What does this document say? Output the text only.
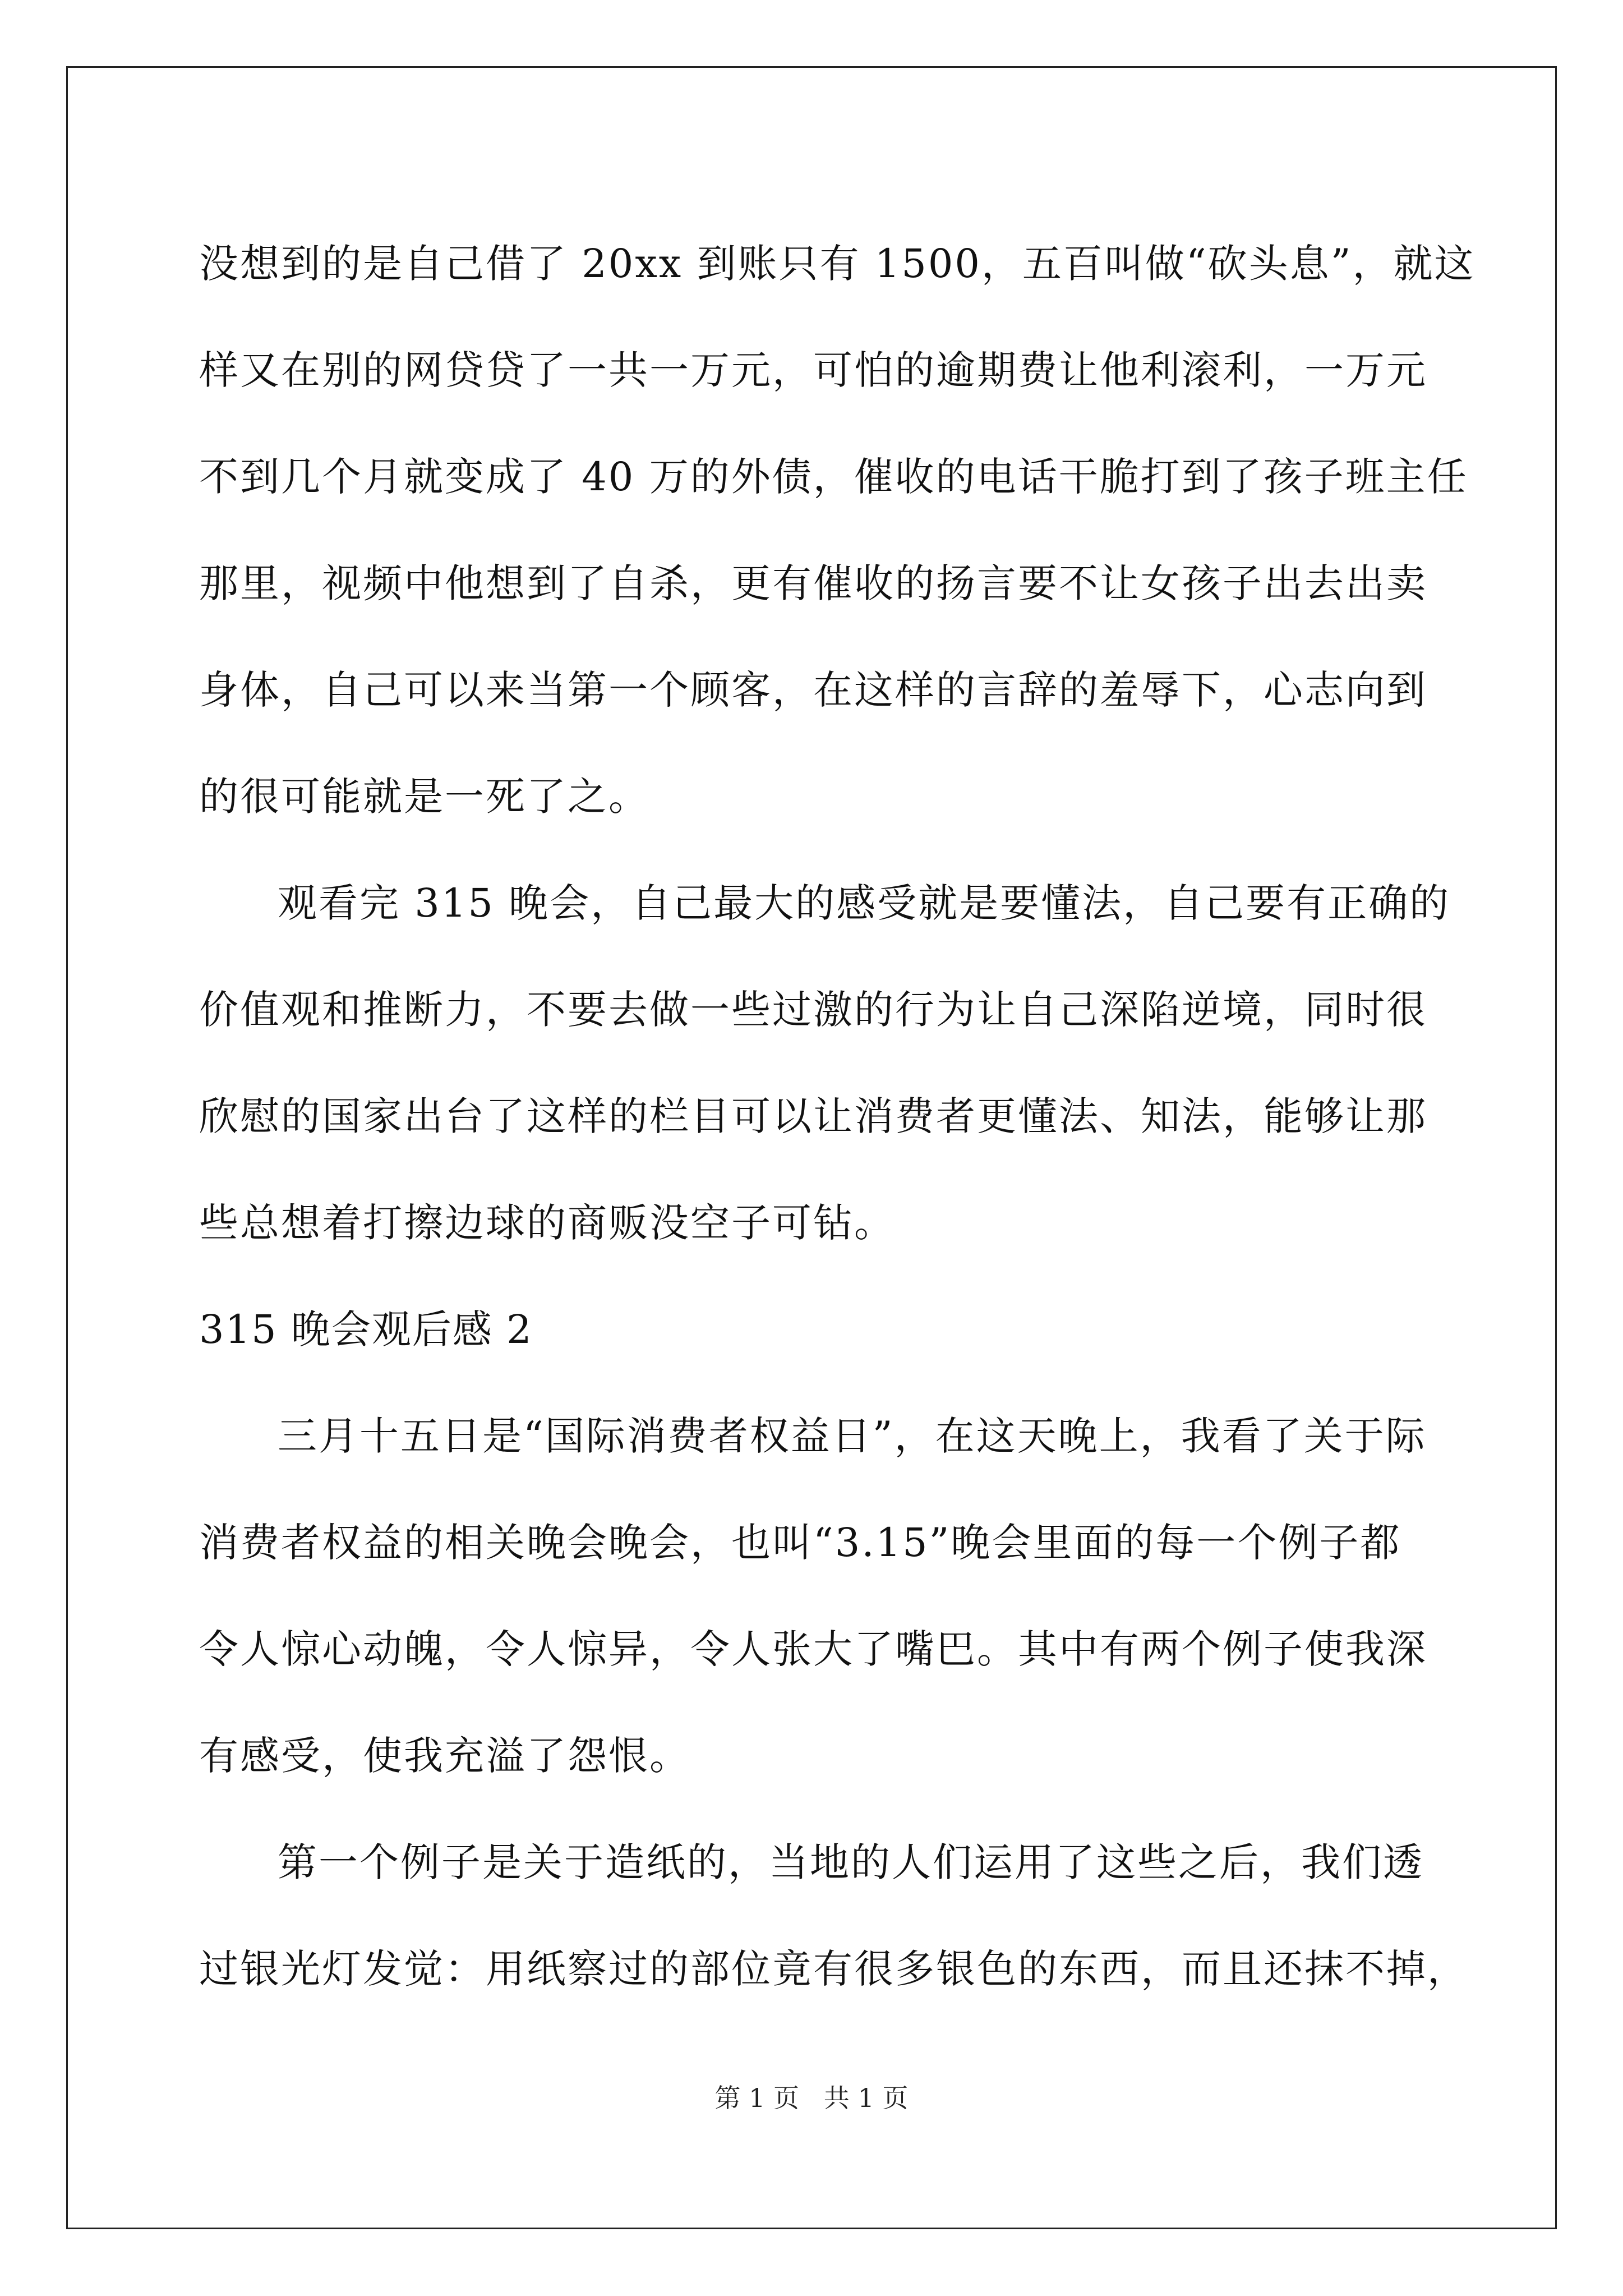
没想到的是自己借了 20xx 到账只有 1500，五百叫做“砍头息”，就这
样又在别的网贷贷了一共一万元，可怕的逾期费让他利滚利，一万元
不到几个月就变成了 40 万的外债，催收的电话干脆打到了孩子班主任
那里，视频中他想到了自杀，更有催收的扬言要不让女孩子出去出卖
身体，自己可以来当第一个顾客，在这样的言辞的羞辱下，心志向到
的很可能就是一死了之。
观看完 315 晚会，自己最大的感受就是要懂法，自己要有正确的
价值观和推断力，不要去做一些过激的行为让自己深陷逆境，同时很
欣慰的国家出台了这样的栏目可以让消费者更懂法、知法，能够让那
些总想着打擦边球的商贩没空子可钻。
315 晚会观后感 2
三月十五日是“国际消费者权益日”，在这天晚上，我看了关于际
消费者权益的相关晚会晚会，也叫“3.15”晚会里面的每一个例子都
令人惊心动魄，令人惊异，令人张大了嘴巴。其中有两个例子使我深
有感受，使我充溢了怨恨。
第一个例子是关于造纸的，当地的人们运用了这些之后，我们透
过银光灯发觉：用纸察过的部位竟有很多银色的东西，而且还抹不掉，
第 1 页   共 1 页
